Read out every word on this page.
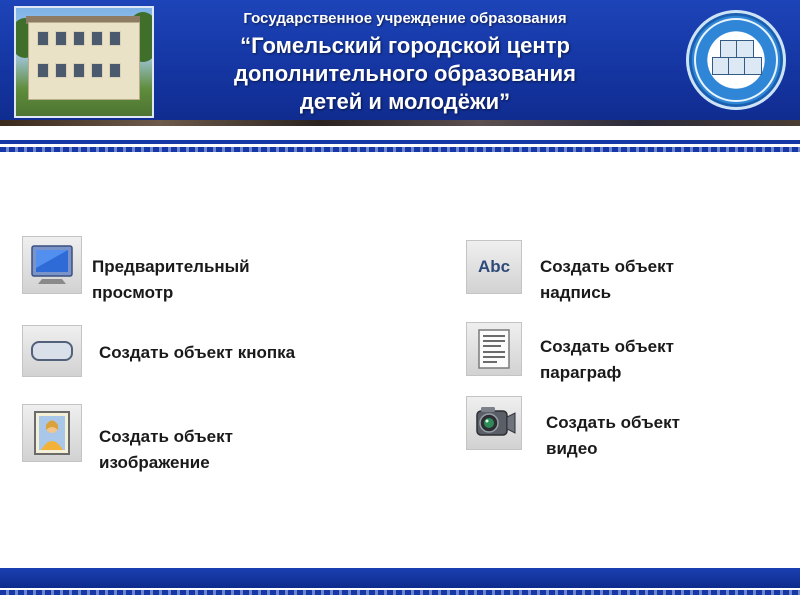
Государственное учреждение образования
“Гомельский городской центр
дополнительного образования
детей и молодёжи”
Предварительный
просмотр
Создать объект кнопка
Создать объект
изображение
Abc Создать объект
надпись
Создать объект
параграф
Создать объект
видео
